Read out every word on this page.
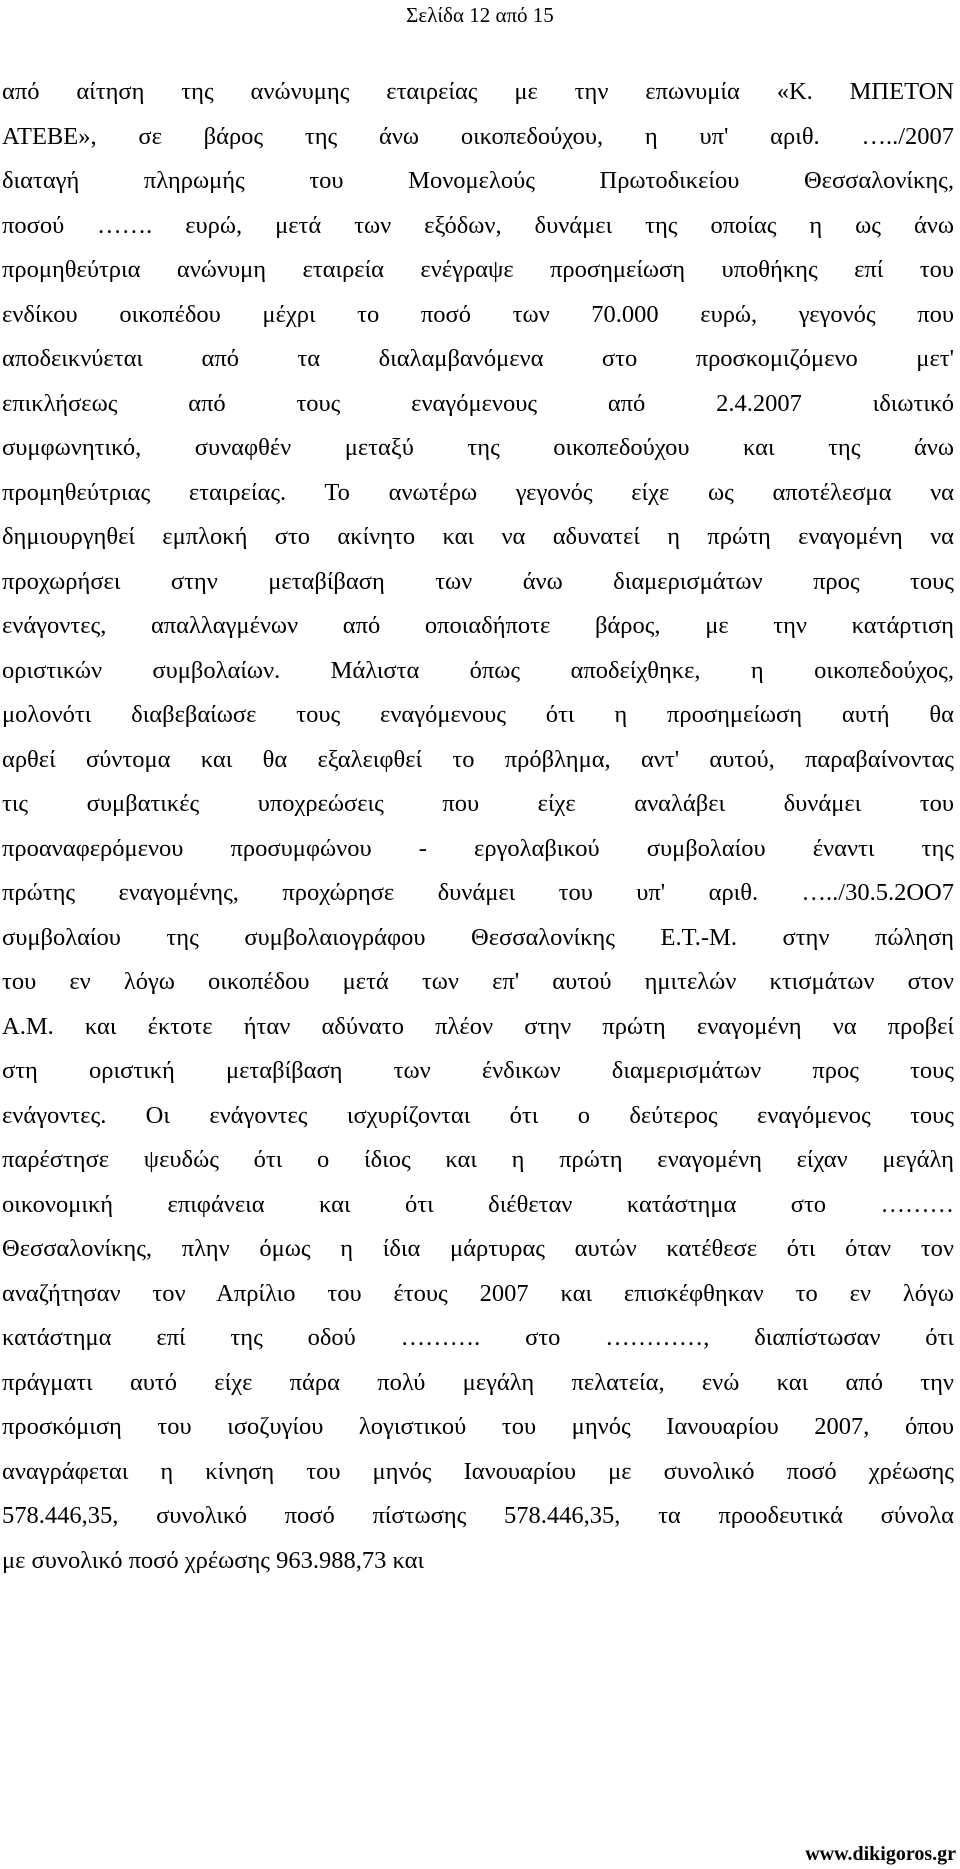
Σελίδα 12 από 15
από αίτηση της ανώνυμης εταιρείας με την επωνυμία «Κ. ΜΠΕΤΟΝ
ΑΤΕΒΕ», σε βάρος της άνω οικοπεδούχου, η υπ' αριθ. …../2007
διαταγή πληρωμής του Μονομελούς Πρωτοδικείου Θεσσαλονίκης,
ποσού ……. ευρώ, μετά των εξόδων, δυνάμει της οποίας η ως άνω
προμηθεύτρια ανώνυμη εταιρεία ενέγραψε προσημείωση υποθήκης επί του
ενδίκου οικοπέδου μέχρι το ποσό των 70.000 ευρώ, γεγονός που
αποδεικνύεται από τα διαλαμβανόμενα στο προσκομιζόμενο μετ'
επικλήσεως από τους εναγόμενους από 2.4.2007 ιδιωτικό
συμφωνητικό, συναφθέν μεταξύ της οικοπεδούχου και της άνω
προμηθεύτριας εταιρείας. Το ανωτέρω γεγονός είχε ως αποτέλεσμα να
δημιουργηθεί εμπλοκή στο ακίνητο και να αδυνατεί η πρώτη εναγομένη να
προχωρήσει στην μεταβίβαση των άνω διαμερισμάτων προς τους
ενάγοντες, απαλλαγμένων από οποιαδήποτε βάρος, με την κατάρτιση
οριστικών συμβολαίων. Μάλιστα όπως αποδείχθηκε, η οικοπεδούχος,
μολονότι διαβεβαίωσε τους εναγόμενους ότι η προσημείωση αυτή θα
αρθεί σύντομα και θα εξαλειφθεί το πρόβλημα, αντ' αυτού, παραβαίνοντας
τις συμβατικές υποχρεώσεις που είχε αναλάβει δυνάμει του
προαναφερόμενου προσυμφώνου - εργολαβικού συμβολαίου έναντι της
πρώτης εναγομένης, προχώρησε δυνάμει του υπ' αριθ. …../30.5.2ΟΟ7
συμβολαίου της συμβολαιογράφου Θεσσαλονίκης Ε.Τ.-Μ. στην πώληση
του εν λόγω οικοπέδου μετά των επ' αυτού ημιτελών κτισμάτων στον
Α.Μ. και έκτοτε ήταν αδύνατο πλέον στην πρώτη εναγομένη να προβεί
στη οριστική μεταβίβαση των ένδικων διαμερισμάτων προς τους
ενάγοντες. Οι ενάγοντες ισχυρίζονται ότι ο δεύτερος εναγόμενος τους
παρέστησε ψευδώς ότι ο ίδιος και η πρώτη εναγομένη είχαν μεγάλη
οικονομική επιφάνεια και ότι διέθεταν κατάστημα στο ………
Θεσσαλονίκης, πλην όμως η ίδια μάρτυρας αυτών κατέθεσε ότι όταν τον
αναζήτησαν τον Απρίλιο του έτους 2007 και επισκέφθηκαν το εν λόγω
κατάστημα επί της οδού ………. στο …………, διαπίστωσαν ότι
πράγματι αυτό είχε πάρα πολύ μεγάλη πελατεία, ενώ και από την
προσκόμιση του ισοζυγίου λογιστικού του μηνός Ιανουαρίου 2007, όπου
αναγράφεται η κίνηση του μηνός Ιανουαρίου με συνολικό ποσό χρέωσης
578.446,35, συνολικό ποσό πίστωσης 578.446,35, τα προοδευτικά σύνολα
με συνολικό ποσό χρέωσης 963.988,73 και
www.dikigoros.gr
